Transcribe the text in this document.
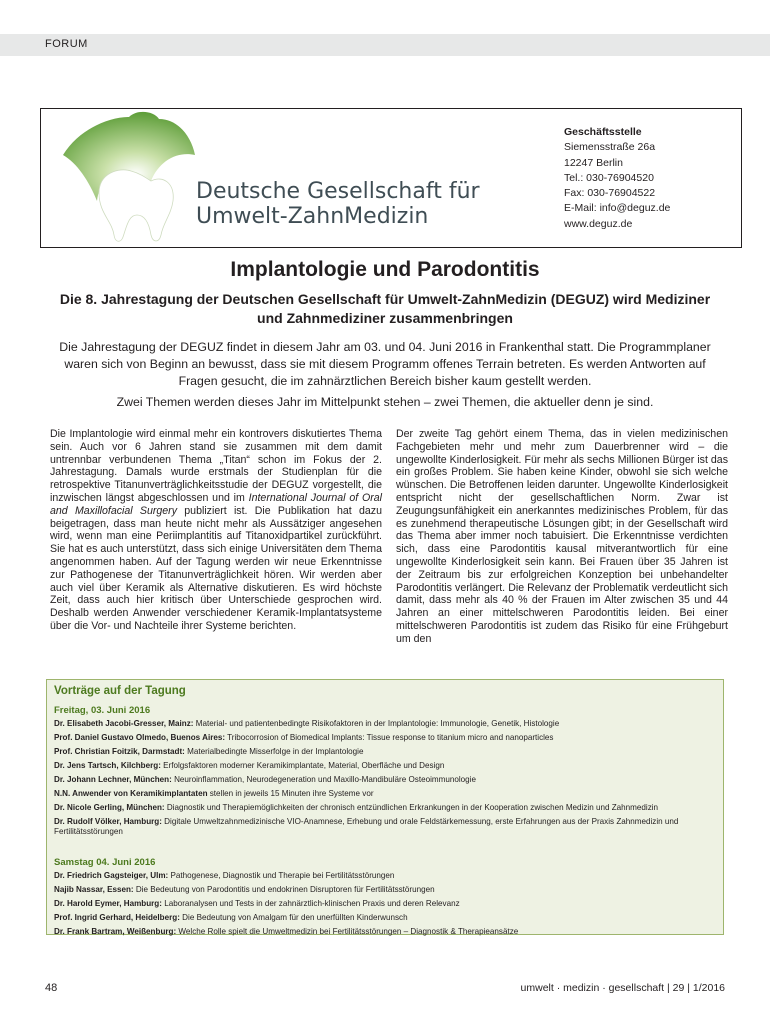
FORUM
Deutsche Gesellschaft für
Umwelt-ZahnMedizin
Geschäftsstelle
Siemensstraße 26a
12247 Berlin
Tel.: 030-76904520
Fax: 030-76904522
E-Mail: info@deguz.de
www.deguz.de
Implantologie und Parodontitis
Die 8. Jahrestagung der Deutschen Gesellschaft für Umwelt-ZahnMedizin (DEGUZ) wird Mediziner und Zahnmediziner zusammenbringen

Die Jahrestagung der DEGUZ findet in diesem Jahr am 03. und 04. Juni 2016 in Frankenthal statt. Die Programmplaner waren sich von Beginn an bewusst, dass sie mit diesem Programm offenes Terrain betreten. Es werden Antworten auf Fragen gesucht, die im zahnärztlichen Bereich bisher kaum gestellt werden.

Zwei Themen werden dieses Jahr im Mittelpunkt stehen – zwei Themen, die aktueller denn je sind.

Die Implantologie wird einmal mehr ein kontrovers diskutiertes Thema sein. Auch vor 6 Jahren stand sie zusammen mit dem damit untrennbar verbundenen Thema „Titan“ schon im Fokus der 2. Jahrestagung. Damals wurde erstmals der Studienplan für die retrospektive Titanunverträglichkeitsstudie der DEGUZ vorgestellt, die inzwischen längst abgeschlossen und im International Journal of Oral and Maxillofacial Surgery publiziert ist. Die Publikation hat dazu beigetragen, dass man heute nicht mehr als Aussätziger angesehen wird, wenn man eine Periimplantitis auf Titanoxidpartikel zurückführt. Sie hat es auch unterstützt, dass sich einige Universitäten dem Thema angenommen haben. Auf der Tagung werden wir neue Erkenntnisse zur Pathogenese der Titanunverträglichkeit hören. Wir werden aber auch viel über Keramik als Alternative diskutieren. Es wird höchste Zeit, dass auch hier kritisch über Unterschiede gesprochen wird. Deshalb werden Anwender verschiedener Keramik-Implantatsysteme über die Vor- und Nachteile ihrer Systeme berichten.

Der zweite Tag gehört einem Thema, das in vielen medizinischen Fachgebieten mehr und mehr zum Dauerbrenner wird – die ungewollte Kinderlosigkeit. Für mehr als sechs Millionen Bürger ist das ein großes Problem. Sie haben keine Kinder, obwohl sie sich welche wünschen. Die Betroffenen leiden darunter. Ungewollte Kinderlosigkeit entspricht nicht der gesellschaftlichen Norm. Zwar ist Zeugungsunfähigkeit ein anerkanntes medizinisches Problem, für das es zunehmend therapeutische Lösungen gibt; in der Gesellschaft wird das Thema aber immer noch tabuisiert. Die Erkenntnisse verdichten sich, dass eine Parodontitis kausal mitverantwortlich für eine ungewollte Kinderlosigkeit sein kann. Bei Frauen über 35 Jahren ist der Zeitraum bis zur erfolgreichen Konzeption bei unbehandelter Parodontitis verlängert. Die Relevanz der Problematik verdeutlicht sich damit, dass mehr als 40 % der Frauen im Alter zwischen 35 und 44 Jahren an einer mittelschweren Parodontitis leiden. Bei einer mittelschweren Parodontitis ist zudem das Risiko für eine Frühgeburt um den

Vorträge auf der Tagung
Freitag, 03. Juni 2016
Dr. Elisabeth Jacobi-Gresser, Mainz: Material- und patientenbedingte Risikofaktoren in der Implantologie: Immunologie, Genetik, Histologie
Prof. Daniel Gustavo Olmedo, Buenos Aires: Tribocorrosion of Biomedical Implants: Tissue response to titanium micro and nanoparticles
Prof. Christian Foitzik, Darmstadt: Materialbedingte Misserfolge in der Implantologie
Dr. Jens Tartsch, Kilchberg: Erfolgsfaktoren moderner Keramikimplantate, Material, Oberfläche und Design
Dr. Johann Lechner, München: Neuroinflammation, Neurodegeneration und Maxillo-Mandibuläre Osteoimmunologie
N.N. Anwender von Keramikimplantaten stellen in jeweils 15 Minuten ihre Systeme vor
Dr. Nicole Gerling, München: Diagnostik und Therapiemöglichkeiten der chronisch entzündlichen Erkrankungen in der Kooperation zwischen Medizin und Zahnmedizin
Dr. Rudolf Völker, Hamburg: Digitale Umweltzahnmedizinische VIO-Anamnese, Erhebung und orale Feldstärkemessung, erste Erfahrungen aus der Praxis Zahnmedizin und Fertilitätsstörungen
Samstag 04. Juni 2016
Dr. Friedrich Gagsteiger, Ulm: Pathogenese, Diagnostik und Therapie bei Fertilitätsstörungen
Najib Nassar, Essen: Die Bedeutung von Parodontitis und endokrinen Disruptoren für Fertilitätsstörungen
Dr. Harold Eymer, Hamburg: Laboranalysen und Tests in der zahnärztlich-klinischen Praxis und deren Relevanz
Prof. Ingrid Gerhard, Heidelberg: Die Bedeutung von Amalgam für den unerfüllten Kinderwunsch
Dr. Frank Bartram, Weißenburg: Welche Rolle spielt die Umweltmedizin bei Fertilitätsstörungen – Diagnostik & Therapieansätze
48	umwelt · medizin · gesellschaft | 29 | 1/2016
